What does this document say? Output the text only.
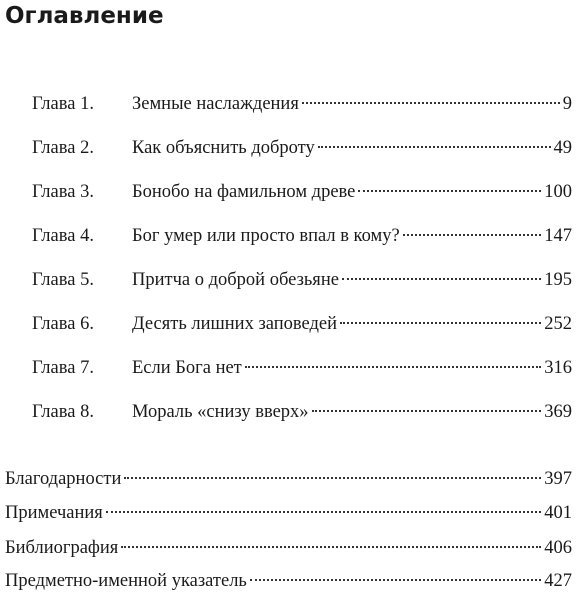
Оглавление
Глава 1.	Земные наслаждения	9
Глава 2.	Как объяснить доброту	49
Глава 3.	Бонобо на фамильном древе	100
Глава 4.	Бог умер или просто впал в кому?	147
Глава 5.	Притча о доброй обезьяне	195
Глава 6.	Десять лишних заповедей	252
Глава 7.	Если Бога нет	316
Глава 8.	Мораль «снизу вверх»	369
Благодарности	397
Примечания	401
Библиография	406
Предметно-именной указатель	427
